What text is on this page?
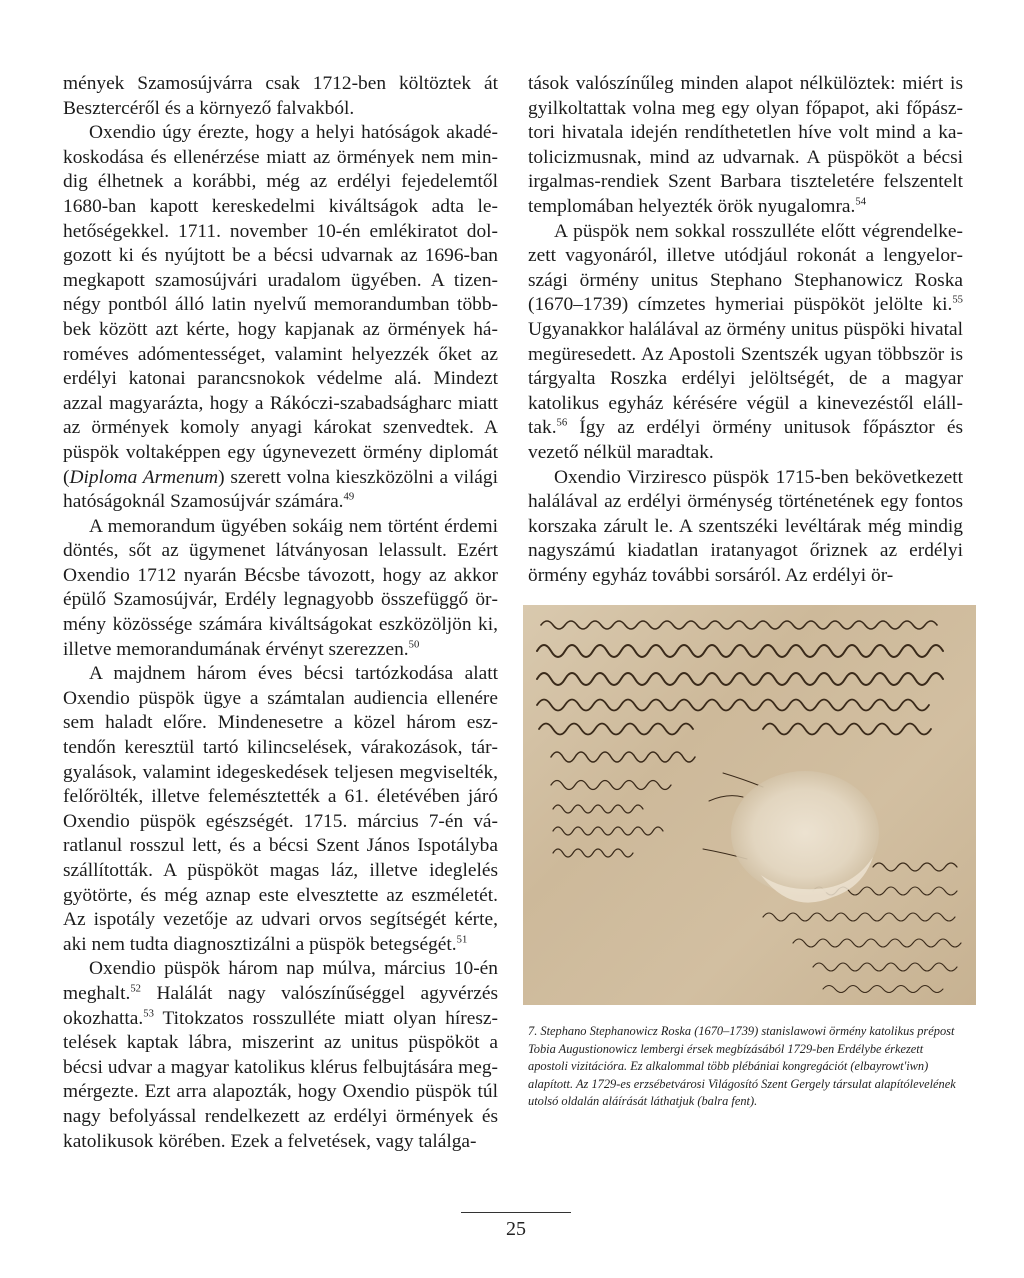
mények Szamosújvárra csak 1712-ben költöztek át Besztercéről és a környező falvakból.

Oxendio úgy érezte, hogy a helyi hatóságok akadékoskodása és ellenérzése miatt az örmények nem mindig élhetnek a korábbi, még az erdélyi fejedelemtől 1680-ban kapott kereskedelmi kiváltságok adta lehetőségekkel. 1711. november 10-én emlékiratot dolgozott ki és nyújtott be a bécsi udvarnak az 1696-ban megkapott szamosújvári uradalom ügyében. A tizennégy pontból álló latin nyelvű memorandumban többbek között azt kérte, hogy kapjanak az örmények hároméves adómentességet, valamint helyezzék őket az erdélyi katonai parancsnokok védelme alá. Mindezt azzal magyarázta, hogy a Rákóczi-szabadságharc miatt az örmények komoly anyagi károkat szenvedtek. A püspök voltaképpen egy úgynevezett örmény diplomát (Diploma Armenum) szerett volna kieszközölni a világi hatóságoknál Szamosújvár számára.$^{49}$

A memorandum ügyében sokáig nem történt érdemi döntés, sőt az ügymenet látványosan lelassult. Ezért Oxendio 1712 nyarán Bécsbe távozott, hogy az akkor épülő Szamosújvár, Erdély legnagyobb összefüggő örmény közössége számára kiváltságokat eszközöljön ki, illetve memorandumának érvényt szerezzen.$^{50}$

A majdnem három éves bécsi tartózkodása alatt Oxendio püspök ügye a számtalan audiencia ellenére sem haladt előre. Mindenesetre a közel három esztendőn keresztül tartó kilincselések, várakozások, tárgyalások, valamint idegeskedések teljesen megviselték, felőrölték, illetve felemésztették a 61. életévében járó Oxendio püspök egészségét. 1715. március 7-én váratlanul rosszul lett, és a bécsi Szent János Ispotályba szállították. A püspököt magas láz, illetve ideglelés gyötörte, és még aznap este elvesztette az eszméletét. Az ispotály vezetője az udvari orvos segítségét kérte, aki nem tudta diagnosztizálni a püspök betegségét.$^{51}$

Oxendio püspök három nap múlva, március 10-én meghalt.$^{52}$ Halálát nagy valószínűséggel agyvérzés okozhatta.$^{53}$ Titokzatos rosszulléte miatt olyan híresztelések kaptak lábra, miszerint az unitus püspököt a bécsi udvar a magyar katolikus klérus felbujtására megmérgezte. Ezt arra alapozták, hogy Oxendio püspök túl nagy befolyással rendelkezett az erdélyi örmények és katolikusok körében. Ezek a felvetések, vagy találga-

tások valószínűleg minden alapot nélkülöztek: miért is gyilkoltattak volna meg egy olyan főpapot, aki főpásztori hivatala idején rendíthetetlen híve volt mind a katolicizmusnak, mind az udvarnak. A püspököt a bécsi irgalmas-rendiek Szent Barbara tiszteletére felszentelt templomában helyezték örök nyugalomra.$^{54}$

A püspök nem sokkal rosszulléte előtt végrendelkezett vagyonáról, illetve utódjául rokonát a lengyelországi örmény unitus Stephano Stephanowicz Roska (1670–1739) címzetes hymeriai püspököt jelölte ki.$^{55}$ Ugyanakkor halálával az örmény unitus püspöki hivatal megüresedett. Az Apostoli Szentszék ugyan többször is tárgyalta Roszka erdélyi jelöltségét, de a magyar katolikus egyház kérésére végül a kinevezéstől elálltak.$^{56}$ Így az erdélyi örmény unitusok főpásztor és vezető nélkül maradtak.

Oxendio Virziresco püspök 1715-ben bekövetkezett halálával az erdélyi örménység történetének egy fontos korszaka zárult le. A szentszéki levéltárak még mindig nagyszámú kiadatlan iratanyagot őriznek az erdélyi örmény egyház további sorsáról. Az erdélyi ör-

7. Stephano Stephanowicz Roska (1670–1739) stanislawowi örmény katolikus prépost Tobia Augustionowicz lembergi érsek megbízásából 1729-ben Erdélybe érkezett apostoli vizitációra. Ez alkalommal több plébániai kongregációt (elbayrowt'iwn) alapított. Az 1729-es erzsébetvárosi Világosító Szent Gergely társulat alapítólevelének utolsó oldalán aláírását láthatjuk (balra fent).
25
